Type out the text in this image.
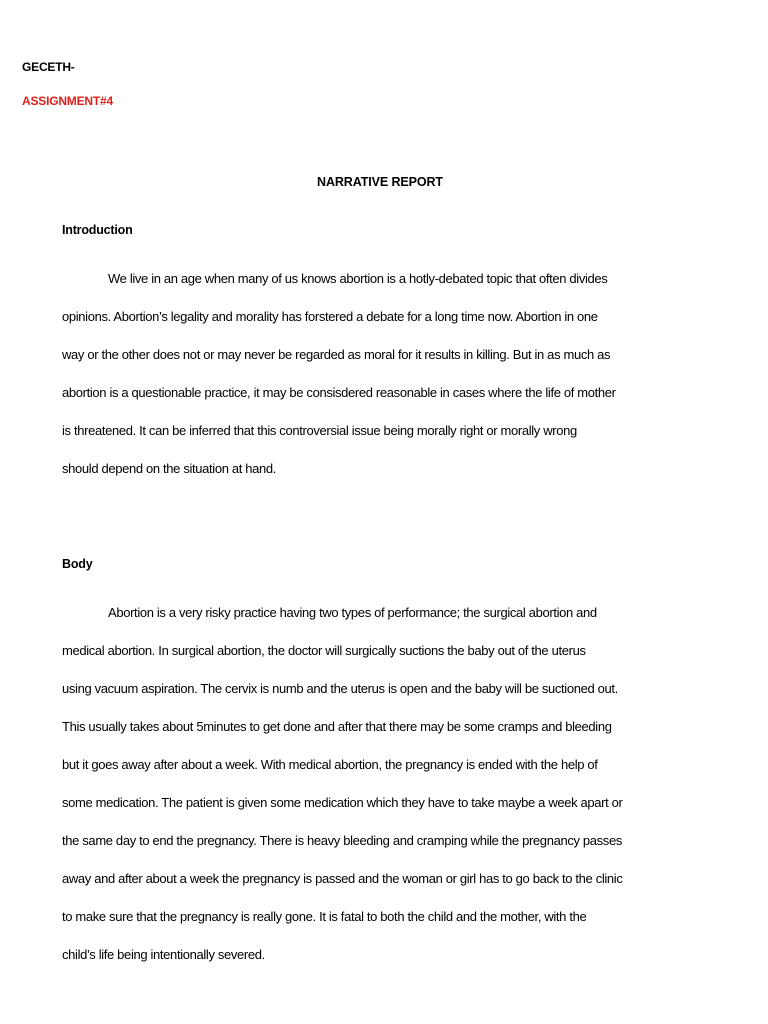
GECETH-
ASSIGNMENT#4
NARRATIVE REPORT
Introduction
We live in an age when many of us knows abortion is a hotly-debated topic that often divides
opinions. Abortion’s legality and morality has forstered a debate for a long time now. Abortion in one
way or the other does not or may never be regarded as moral for it results in killing. But in as much as
abortion is a questionable practice, it may be consisdered reasonable in cases where the life of mother
is threatened. It can be inferred that this controversial issue being morally right or morally wrong
should depend on the situation at hand.
Body
Abortion is a very risky practice having two types of performance; the surgical abortion and
medical abortion. In surgical abortion, the doctor will surgically suctions the baby out of the uterus
using vacuum aspiration. The cervix is numb and the uterus is open and the baby will be suctioned out.
This usually takes about 5minutes to get done and after that there may be some cramps and bleeding
but it goes away after about a week. With medical abortion, the pregnancy is ended with the help of
some medication. The patient is given some medication which they have to take maybe a week apart or
the same day to end the pregnancy. There is heavy bleeding and cramping while the pregnancy passes
away and after about a week the pregnancy is passed and the woman or girl has to go back to the clinic
to make sure that the pregnancy is really gone. It is fatal to both the child and the mother, with the
child’s life being intentionally severed.
